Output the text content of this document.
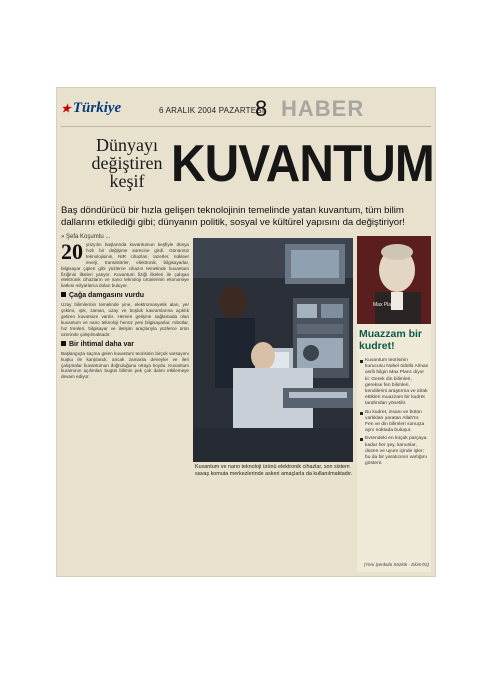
★ Türkiye	6 ARALIK 2004 PAZARTESİ
8 HABER
Dünyayı değiştiren keşif KUVANTUM
Baş döndürücü bir hızla gelişen teknolojinin temelinde yatan kuvantum, tüm bilim dallarını etkilediği gibi; dünyanın politik, sosyal ve kültürel yapısını da değiştiriyor!
» Şefa Koşumtu ...

20 yüzyılın başlarında kuvantumun keşfiyle dünya hızlı bir değişime sürecine girdi. Günümüz teknolojisinin, NIR cihazları, lazerler, nükleer enerji, transistörler, elektronik, bilgisayarlar, bilgisayar çipleri gibi yüzlerce cihazın temelinde kuvantum fiziğinin ilkeleri yatıyor. Kuvantum fiziği ilkeleri ile çalışan elektronik cihazların ve nano teknoloji ürünlerinin ekonomiye katkısı milyarlarca doları buluyor.

Çağa damgasını vurdu

Uzay bilimlerinin temelinde yine, elektromanyetik alan, yer çekimi, ışık, zaman, uzay ve boşluk kavramlarına açıklık getiren kuvantum vardır. Hemen gelişme sağlamada olan kuvantum ve nano teknoloji henüz yeni bilgisayarlar, robotlar, hız trenleri, bilgisayar ve iletişim araçlarıyla yüzlerce ürün üzerinde çalışılmaktadır.

Bir ihtimal daha var

Başlangıçta saçma gelen kuvantum teorisinin birçok varsayımı kuşku ile karşılandı; ancak zamanla deneyler ve ileri çalışmalar kuvantumun doğruluğunu ortaya koydu. Kuvantum kuramının açılımları bugün bilimin pek çok dalını etkilemeye devam ediyor.

Kuvantum ve nano teknoloji ürünü elektronik cihazlar, son sistem savaş komuta merkezlerinde askeri amaçlarla da kullanılmaktadır.
Max Planc
Muazzam bir kudret!
Kuvantum teorisinin kurucusu Nobel ödüllü Alman asıllı bilgin Max Planc diyor ki: Gerek din bilimleri, gerekse fen bilimleri, kendilerini araştırma ve idrak ettikleri muazzam bir kudret tarafından yönetilir.
Bu kudret, insanı ve bütün varlıkları yaratan Allah'tır. Fen ve din bilimleri sonuçta aynı noktada buluşur.
Evrendeki en küçük parçaya kadar her şey, kanunlar, düzen ve uyum içinde işler; bu da bir yaratıcının varlığını gösterir.
(Yeni Şenkülü Sözlük - Ekim'03)
